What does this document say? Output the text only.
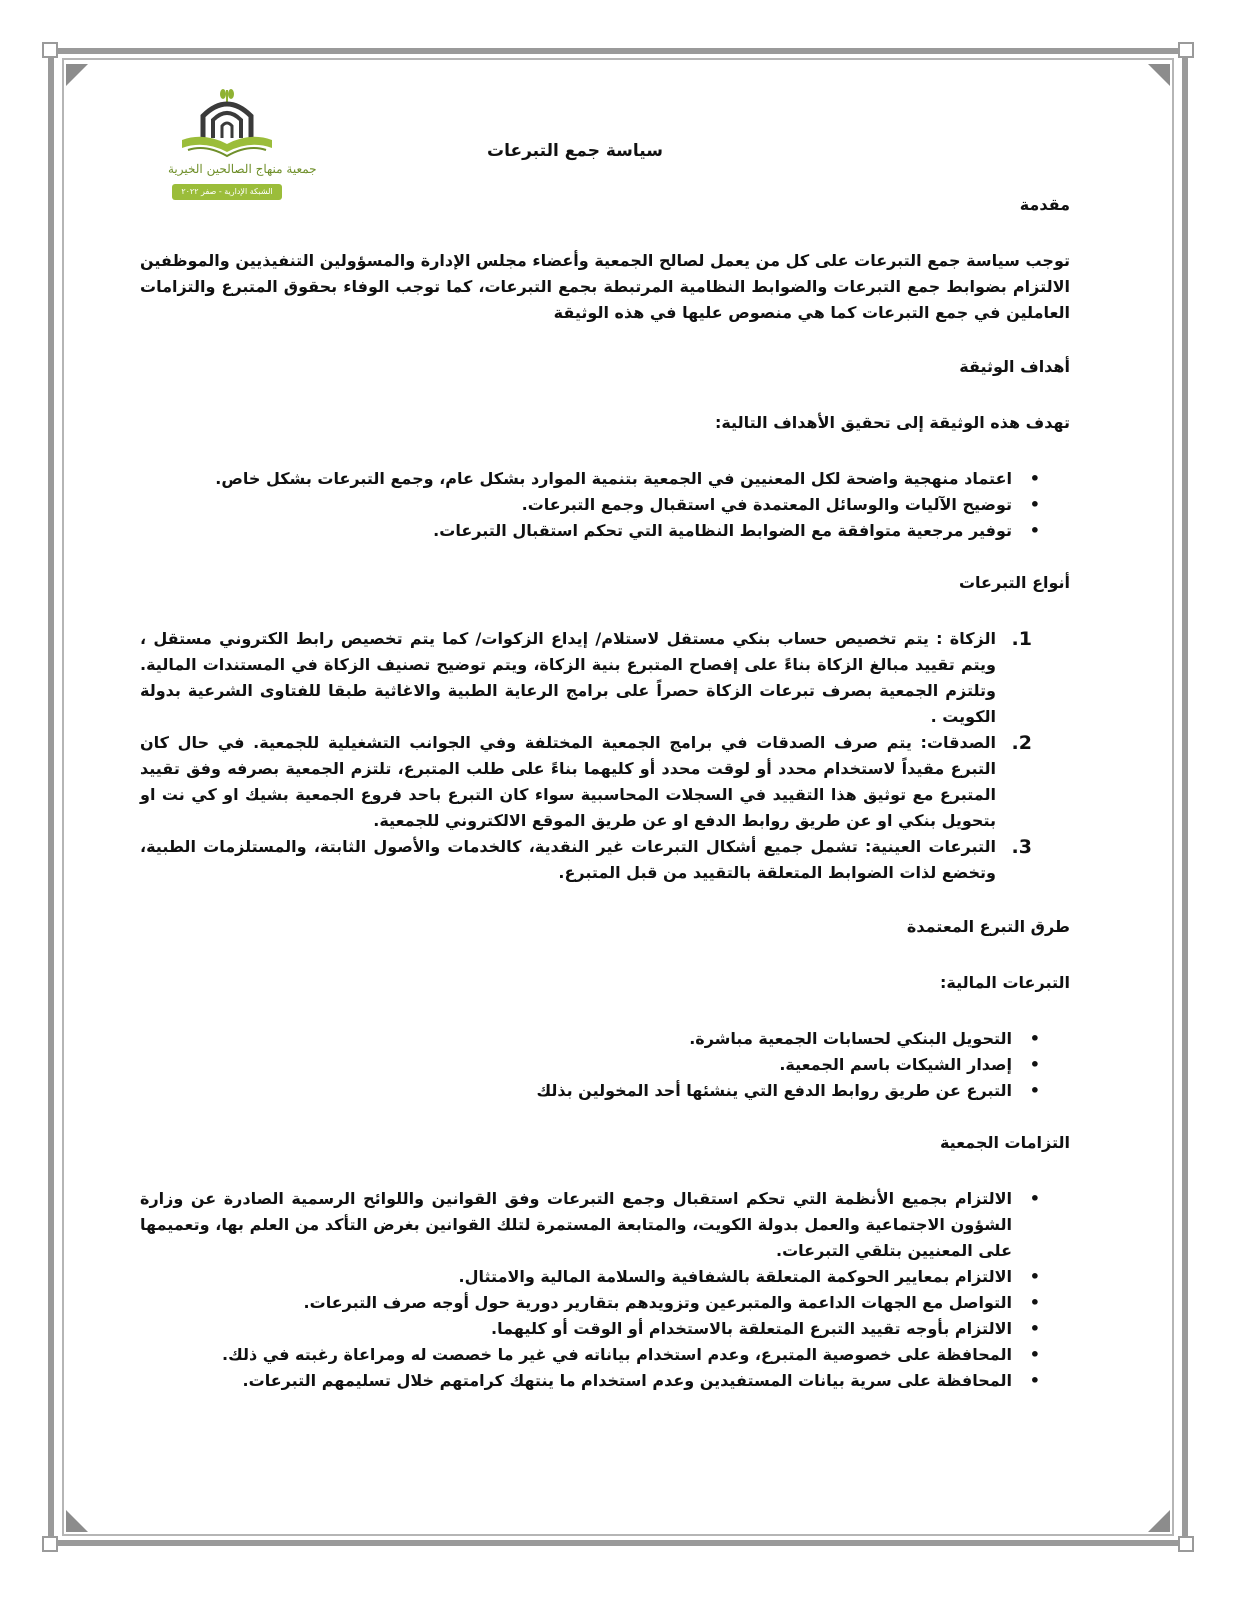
جمعية منهاج الصالحين الخيرية
الشبكة الإدارية - صفر ٢٠٢٢
سياسة جمع التبرعات
مقدمة
توجب سياسة جمع التبرعات على كل من يعمل لصالح الجمعية وأعضاء مجلس الإدارة والمسؤولين التنفيذيين والموظفين الالتزام بضوابط جمع التبرعات والضوابط النظامية المرتبطة بجمع التبرعات، كما توجب الوفاء بحقوق المتبرع والتزامات العاملين في جمع التبرعات كما هي منصوص عليها في هذه الوثيقة
أهداف الوثيقة
تهدف هذه الوثيقة إلى تحقيق الأهداف التالية:
• اعتماد منهجية واضحة لكل المعنيين في الجمعية بتنمية الموارد بشكل عام، وجمع التبرعات بشكل خاص.
• توضيح الآليات والوسائل المعتمدة في استقبال وجمع التبرعات.
• توفير مرجعية متوافقة مع الضوابط النظامية التي تحكم استقبال التبرعات.
أنواع التبرعات
1.
الزكاة : يتم تخصيص حساب بنكي مستقل لاستلام/ إيداع الزكوات/ كما يتم تخصيص رابط الكتروني مستقل ، ويتم تقييد مبالغ الزكاة بناءً على إفصاح المتبرع بنية الزكاة، ويتم توضيح تصنيف الزكاة في المستندات المالية. وتلتزم الجمعية بصرف تبرعات الزكاة حصراً على برامج الرعاية الطبية والاغاثية طبقا للفتاوى الشرعية بدولة الكويت .
2.
الصدقات: يتم صرف الصدقات في برامج الجمعية المختلفة وفي الجوانب التشغيلية للجمعية. في حال كان التبرع مقيداً لاستخدام محدد أو لوقت محدد أو كليهما بناءً على طلب المتبرع، تلتزم الجمعية بصرفه وفق تقييد المتبرع مع توثيق هذا التقييد في السجلات المحاسبية سواء كان التبرع باحد فروع الجمعية بشيك او كي نت او بتحويل بنكي او عن طريق روابط الدفع او عن طريق الموقع الالكتروني للجمعية.
3.
التبرعات العينية: تشمل جميع أشكال التبرعات غير النقدية، كالخدمات والأصول الثابتة، والمستلزمات الطبية، وتخضع لذات الضوابط المتعلقة بالتقييد من قبل المتبرع.
طرق التبرع المعتمدة
التبرعات المالية:
• التحويل البنكي لحسابات الجمعية مباشرة.
• إصدار الشيكات باسم الجمعية.
• التبرع عن طريق روابط الدفع التي ينشئها أحد المخولين بذلك
التزامات الجمعية
• الالتزام بجميع الأنظمة التي تحكم استقبال وجمع التبرعات وفق القوانين واللوائح الرسمية الصادرة عن وزارة الشؤون الاجتماعية والعمل بدولة الكويت، والمتابعة المستمرة لتلك القوانين بغرض التأكد من العلم بها، وتعميمها على المعنيين بتلقي التبرعات.
• الالتزام بمعايير الحوكمة المتعلقة بالشفافية والسلامة المالية والامتثال.
• التواصل مع الجهات الداعمة والمتبرعين وتزويدهم بتقارير دورية حول أوجه صرف التبرعات.
• الالتزام بأوجه تقييد التبرع المتعلقة بالاستخدام أو الوقت أو كليهما.
• المحافظة على خصوصية المتبرع، وعدم استخدام بياناته في غير ما خصصت له ومراعاة رغبته في ذلك.
• المحافظة على سرية بيانات المستفيدين وعدم استخدام ما ينتهك كرامتهم خلال تسليمهم التبرعات.
